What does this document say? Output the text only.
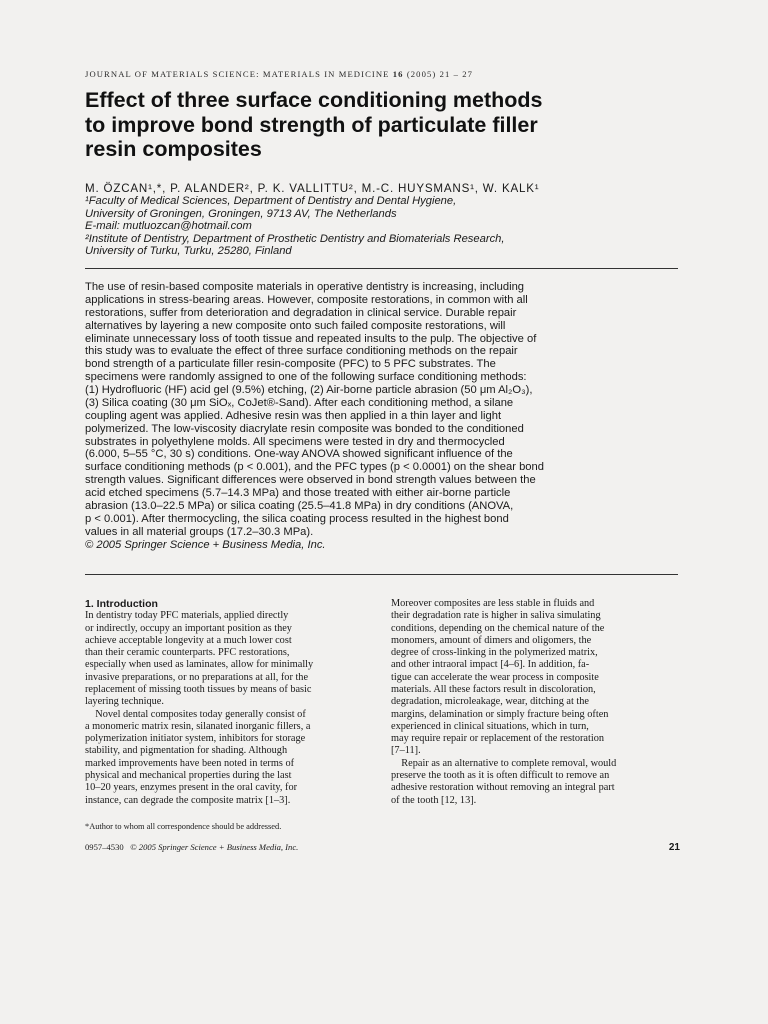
JOURNAL OF MATERIALS SCIENCE: MATERIALS IN MEDICINE 16 (2005) 21 – 27
Effect of three surface conditioning methods
to improve bond strength of particulate filler
resin composites
M. ÖZCAN¹,*, P. ALANDER², P. K. VALLITTU², M.-C. HUYSMANS¹, W. KALK¹
¹Faculty of Medical Sciences, Department of Dentistry and Dental Hygiene,
University of Groningen, Groningen, 9713 AV, The Netherlands
E-mail: mutluozcan@hotmail.com
²Institute of Dentistry, Department of Prosthetic Dentistry and Biomaterials Research,
University of Turku, Turku, 25280, Finland
The use of resin-based composite materials in operative dentistry is increasing, including
applications in stress-bearing areas. However, composite restorations, in common with all
restorations, suffer from deterioration and degradation in clinical service. Durable repair
alternatives by layering a new composite onto such failed composite restorations, will
eliminate unnecessary loss of tooth tissue and repeated insults to the pulp. The objective of
this study was to evaluate the effect of three surface conditioning methods on the repair
bond strength of a particulate filler resin-composite (PFC) to 5 PFC substrates. The
specimens were randomly assigned to one of the following surface conditioning methods:
(1) Hydrofluoric (HF) acid gel (9.5%) etching, (2) Air-borne particle abrasion (50 μm Al₂O₃),
(3) Silica coating (30 μm SiOₓ, CoJet®-Sand). After each conditioning method, a silane
coupling agent was applied. Adhesive resin was then applied in a thin layer and light
polymerized. The low-viscosity diacrylate resin composite was bonded to the conditioned
substrates in polyethylene molds. All specimens were tested in dry and thermocycled
(6.000, 5–55 °C, 30 s) conditions. One-way ANOVA showed significant influence of the
surface conditioning methods (p < 0.001), and the PFC types (p < 0.0001) on the shear bond
strength values. Significant differences were observed in bond strength values between the
acid etched specimens (5.7–14.3 MPa) and those treated with either air-borne particle
abrasion (13.0–22.5 MPa) or silica coating (25.5–41.8 MPa) in dry conditions (ANOVA,
p < 0.001). After thermocycling, the silica coating process resulted in the highest bond
values in all material groups (17.2–30.3 MPa).
© 2005 Springer Science + Business Media, Inc.
1. Introduction
In dentistry today PFC materials, applied directly
or indirectly, occupy an important position as they
achieve acceptable longevity at a much lower cost
than their ceramic counterparts. PFC restorations,
especially when used as laminates, allow for minimally
invasive preparations, or no preparations at all, for the
replacement of missing tooth tissues by means of basic
layering technique.
Novel dental composites today generally consist of
a monomeric matrix resin, silanated inorganic fillers, a
polymerization initiator system, inhibitors for storage
stability, and pigmentation for shading. Although
marked improvements have been noted in terms of
physical and mechanical properties during the last
10–20 years, enzymes present in the oral cavity, for
instance, can degrade the composite matrix [1–3].
Moreover composites are less stable in fluids and
their degradation rate is higher in saliva simulating
conditions, depending on the chemical nature of the
monomers, amount of dimers and oligomers, the
degree of cross-linking in the polymerized matrix,
and other intraoral impact [4–6]. In addition, fa-
tigue can accelerate the wear process in composite
materials. All these factors result in discoloration,
degradation, microleakage, wear, ditching at the
margins, delamination or simply fracture being often
experienced in clinical situations, which in turn,
may require repair or replacement of the restoration
[7–11].
Repair as an alternative to complete removal, would
preserve the tooth as it is often difficult to remove an
adhesive restoration without removing an integral part
of the tooth [12, 13].
*Author to whom all correspondence should be addressed.
0957–4530 © 2005 Springer Science + Business Media, Inc.	21
